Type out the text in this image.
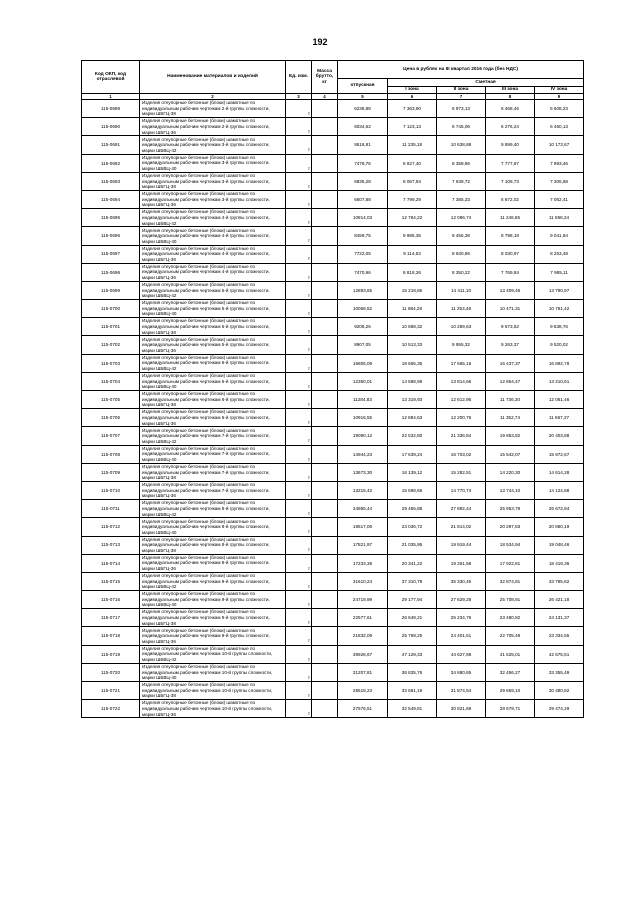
192
Код ОКП, код отраслевой	Наименование материалов и изделий	Ед. изм.	Масса брутто, кг	Цена в рублях на III квартал 2016 года (без НДС)				
				отпускная	Сметная			
					I зона	II зона	III зона	IV зона
1	2	3	4	5	6	7	8	9
115-0689	Изделия отеупорные бетонные (блоки) шамотные по индивидуальным рабочим чертежам 2-й группы сложности, марки ШБГЦ-38	т		6238,88	7 363,90	6 973,13	6 468,46	6 608,23
115-0690	Изделия отеупорные бетонные (блоки) шамотные по индивидуальным рабочим чертежам 2-й группы сложности, марки ШБГЦ-36	т		6034,62	7 123,13	6 745,06	6 276,24	6 450,13
115-0691	Изделия отеупорные бетонные (блоки) шамотные по индивидуальным рабочим чертежам 3-й группы сложности, марки ШБВЦ-42	т		9518,81	11 235,18	10 638,88	9 899,40	10 173,67
115-0692	Изделия отеупорные бетонные (блоки) шамотные по индивидуальным рабочим чертежам 3-й группы сложности, марки ШБВЦ-40	т		7478,76	8 827,40	8 358,86	7 777,87	7 993,46
115-0693	Изделия отеупорные бетонные (блоки) шамотные по индивидуальным рабочим чертежам 3-й группы сложности, марки ШБГЦ-38	т		6835,28	8 067,94	7 639,72	7 108,73	7 305,68
115-0694	Изделия отеупорные бетонные (блоки) шамотные по индивидуальным рабочим чертежам 3-й группы сложности, марки ШБГЦ-36	т		6607,88	7 799,29	7 385,33	6 872,02	7 062,41
115-0695	Изделия отеупорные бетонные (блоки) шамотные по индивидуальным рабочим чертежам 4-й группы сложности, марки ШБВЦ-42	т		10814,03	12 764,22	12 086,74	11 246,65	11 558,24
115-0696	Изделия отеупорные бетонные (блоки) шамотные по индивидуальным рабочим чертежам 4-й группы сложности, марки ШБВЦ-40	т		8459,75	9 985,35	9 455,38	8 798,18	9 041,94
115-0697	Изделия отеупорные бетонные (блоки) шамотные по индивидуальным рабочим чертежам 4-й группы сложности, марки ШБГЦ-38	т		7722,05	9 114,63	8 630,86	8 030,97	8 253,48
115-0698	Изделия отеупорные бетонные (блоки) шамотные по индивидуальным рабочим чертежам 4-й группы сложности, марки ШБГЦ-36	т		7470,96	8 818,26	8 350,22	7 769,84	7 985,11
115-0699	Изделия отеупорные бетонные (блоки) шамотные по индивидуальным рабочим чертежам 5-й группы сложности, марки ШБВЦ-42	т		12893,65	15 218,86	14 411,10	13 409,46	13 780,97
115-0700	Изделия отеупорные бетонные (блоки) шамотные по индивидуальным рабочим чертежам 5-й группы сложности, марки ШБВЦ-40	т		10068,52	11 884,28	11 253,48	10 471,31	10 761,42
115-0701	Изделия отеупорные бетонные (блоки) шамотные по индивидуальным рабочим чертежам 5-й группы сложности, марки ШБГЦ-38	т		9208,26	10 868,32	10 289,63	9 573,52	9 838,76
115-0702	Изделия отеупорные бетонные (блоки) шамотные по индивидуальным рабочим чертежам 5-й группы сложности, марки ШБГЦ-36	т		8907,05	10 513,33	9 955,32	9 263,37	9 520,02
115-0703	Изделия отеупорные бетонные (блоки) шамотные по индивидуальным рабочим чертежам 6-й группы сложности, марки ШБВЦ-42	т		15805,09	18 655,35	17 665,19	16 437,37	16 892,78
115-0704	Изделия отеупорные бетонные (блоки) шамотные по индивидуальным рабочим чертежам 6-й группы сложности, марки ШБВЦ-40	т		12360,01	14 588,99	13 814,66	12 854,47	13 210,61
115-0705	Изделия отеупорные бетонные (блоки) шамотные по индивидуальным рабочим чертежам 6-й группы сложности, марки ШБГЦ-38	т		11284,83	13 319,93	12 612,96	11 736,30	12 061,46
115-0706	Изделия отеупорные бетонные (блоки) шамотные по индивидуальным рабочим чертежам 6-й группы сложности, марки ШБГЦ-36	т		10916,55	12 884,63	12 200,76	11 352,74	11 667,27
115-0707	Изделия отеупорные бетонные (блоки) шамотные по индивидуальным рабочим чертежам 7-й группы сложности, марки ШБВЦ-42	т		19090,12	22 532,80	21 336,84	19 853,82	20 403,88
115-0708	Изделия отеупорные бетонные (блоки) шамотные по индивидуальным рабочим чертежам 7-й группы сложности, марки ШБВЦ-40	т		14944,23	17 639,24	16 703,02	15 542,07	15 972,67
115-0709	Изделия отеупорные бетонные (блоки) шамотные по индивидуальным рабочим чертежам 7-й группы сложности, марки ШБГЦ-38	т		13673,30	16 139,12	15 282,51	14 220,30	14 614,28
115-0710	Изделия отеупорные бетонные (блоки) шамотные по индивидуальным рабочим чертежам 7-й группы сложности, марки ШБГЦ-36	т		13215,42	15 598,66	14 770,74	13 744,10	14 124,88
115-0711	Изделия отеупорные бетонные (блоки) шамотные по индивидуальным рабочим чертежам 8-й группы сложности, марки ШБВЦ-42	т		24955,44	29 455,88	27 892,44	25 953,78	26 672,84
115-0712	Изделия отеупорные бетонные (блоки) шамотные по индивидуальным рабочим чертежам 8-й группы сложности, марки ШБВЦ-40	т		19517,06	23 036,72	21 814,02	20 297,83	20 860,19
115-0713	Изделия отеупорные бетонные (блоки) шамотные по индивидуальным рабочим чертежам 8-й группы сложности, марки ШБГЦ-38	т		17821,97	21 035,95	19 919,44	18 534,94	19 048,46
115-0714	Изделия отеупорные бетонные (блоки) шамотные по индивидуальным рабочим чертежам 8-й группы сложности, марки ШБГЦ-36	т		17233,39	20 341,22	19 261,58	17 922,81	18 419,36
115-0715	Изделия отеупорные бетонные (блоки) шамотные по индивидуальным рабочим чертежам 9-й группы сложности, марки ШБВЦ-42	т		31610,24	37 310,78	35 330,45	32 874,81	33 785,62
115-0716	Изделия отеупорные бетонные (блоки) шамотные по индивидуальным рабочим чертежам 9-й группы сложности, марки ШБВЦ-40	т		24719,99	29 177,94	27 629,28	25 708,91	26 421,18
115-0717	Изделия отеупорные бетонные (блоки) шамотные по индивидуальным рабочим чертежам 9-й группы сложности, марки ШБГЦ-38	т		22577,61	26 649,21	25 234,76	23 480,82	24 131,37
115-0718	Изделия отеупорные бетонные (блоки) шамотные по индивидуальным рабочим чертежам 9-й группы сложности, марки ШБГЦ-36	т		21832,09	25 769,25	24 401,51	22 705,48	23 334,55
115-0719	Изделия отеупорные бетонные (блоки) шамотные по индивидуальным рабочим чертежам 10-й группы сложности, марки ШБВЦ-42	т		39928,67	47 129,33	44 627,88	41 525,01	42 675,51
115-0720	Изделия отеупорные бетонные (блоки) шамотные по индивидуальным рабочим чертежам 10-й группы сложности, марки ШБВЦ-40	т		31207,81	36 835,76	34 880,65	32 456,27	33 355,49
115-0721	Изделия отеупорные бетонные (блоки) шамотные по индивидуальным рабочим чертежам 10-й группы сложности, марки ШБГЦ-38	т		28518,23	33 661,19	31 874,54	29 659,10	30 480,82
115-0722	Изделия отеупорные бетонные (блоки) шамотные по индивидуальным рабочим чертежам 10-й группы сложности, марки ШБГЦ-36	т		27576,51	32 549,81	30 821,69	28 679,71	29 474,29
